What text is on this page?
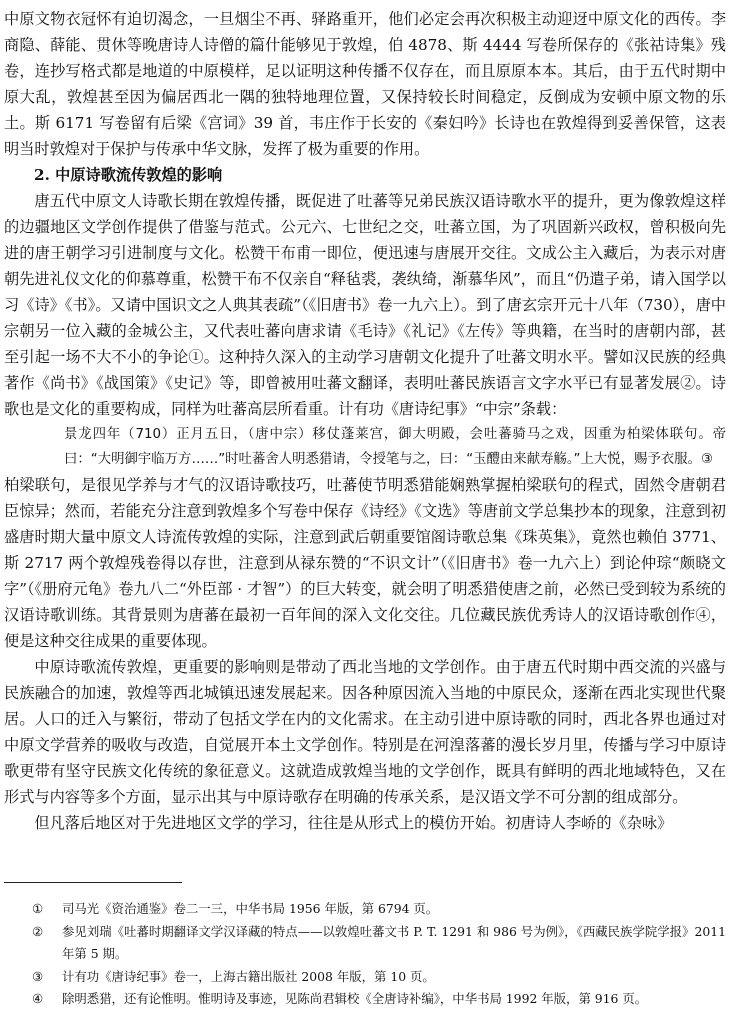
中原文物衣冠怀有迫切渴念，一旦烟尘不再、驿路重开，他们必定会再次积极主动迎迓中原文化的西传。李商隐、薛能、贯休等晚唐诗人诗僧的篇什能够见于敦煌，伯 4878、斯 4444 写卷所保存的《张祜诗集》残卷，连抄写格式都是地道的中原模样，足以证明这种传播不仅存在，而且原原本本。其后，由于五代时期中原大乱，敦煌甚至因为偏居西北一隅的独特地理位置，又保持较长时间稳定，反倒成为安顿中原文物的乐土。斯 6171 写卷留有后梁《宫词》39 首，韦庄作于长安的《秦妇吟》长诗也在敦煌得到妥善保管，这表明当时敦煌对于保护与传承中华文脉，发挥了极为重要的作用。

2. 中原诗歌流传敦煌的影响

唐五代中原文人诗歌长期在敦煌传播，既促进了吐蕃等兄弟民族汉语诗歌水平的提升，更为像敦煌这样的边疆地区文学创作提供了借鉴与范式。公元六、七世纪之交，吐蕃立国，为了巩固新兴政权，曾积极向先进的唐王朝学习引进制度与文化。松赞干布甫一即位，便迅速与唐展开交往。文成公主入藏后，为表示对唐朝先进礼仪文化的仰慕尊重，松赞干布不仅亲自“释毡裘，袭纨绮，渐慕华风”，而且“仍遣子弟，请入国学以习《诗》《书》。又请中国识文之人典其表疏”（《旧唐书》卷一九六上）。到了唐玄宗开元十八年（730），唐中宗朝另一位入藏的金城公主，又代表吐蕃向唐求请《毛诗》《礼记》《左传》等典籍，在当时的唐朝内部，甚至引起一场不大不小的争论①。这种持久深入的主动学习唐朝文化提升了吐蕃文明水平。譬如汉民族的经典著作《尚书》《战国策》《史记》等，即曾被用吐蕃文翻译，表明吐蕃民族语言文字水平已有显著发展②。诗歌也是文化的重要构成，同样为吐蕃高层所看重。计有功《唐诗纪事》“中宗”条载：

景龙四年（710）正月五日，（唐中宗）移仗蓬莱宫，御大明殿，会吐蕃骑马之戏，因重为柏梁体联句。帝曰：“大明御宇临万方……”时吐蕃舍人明悉猎请，令授笔与之，曰：“玉醴由来献寿觞。”上大悦，赐予衣服。③

柏梁联句，是很见学养与才气的汉语诗歌技巧，吐蕃使节明悉猎能娴熟掌握柏梁联句的程式，固然令唐朝君臣惊异；然而，若能充分注意到敦煌多个写卷中保存《诗经》《文选》等唐前文学总集抄本的现象，注意到初盛唐时期大量中原文人诗流传敦煌的实际，注意到武后朝重要馆阁诗歌总集《珠英集》，竟然也赖伯 3771、斯 2717 两个敦煌残卷得以存世，注意到从禄东赞的“不识文计”（《旧唐书》卷一九六上）到论仲琮“颇晓文字”（《册府元龟》卷九八二“外臣部 · 才智”）的巨大转变，就会明了明悉猎使唐之前，必然已受到较为系统的汉语诗歌训练。其背景则为唐蕃在最初一百年间的深入文化交往。几位藏民族优秀诗人的汉语诗歌创作④，便是这种交往成果的重要体现。

中原诗歌流传敦煌，更重要的影响则是带动了西北当地的文学创作。由于唐五代时期中西交流的兴盛与民族融合的加速，敦煌等西北城镇迅速发展起来。因各种原因流入当地的中原民众，逐渐在西北实现世代聚居。人口的迁入与繁衍，带动了包括文学在内的文化需求。在主动引进中原诗歌的同时，西北各界也通过对中原文学营养的吸收与改造，自觉展开本土文学创作。特别是在河湟落蕃的漫长岁月里，传播与学习中原诗歌更带有坚守民族文化传统的象征意义。这就造成敦煌当地的文学创作，既具有鲜明的西北地域特色，又在形式与内容等多个方面，显示出其与中原诗歌存在明确的传承关系，是汉语文学不可分割的组成部分。

但凡落后地区对于先进地区文学的学习，往往是从形式上的模仿开始。初唐诗人李峤的《杂咏》

① 司马光《资治通鉴》卷二一三，中华书局 1956 年版，第 6794 页。

② 参见刘瑞《吐蕃时期翻译文学汉译藏的特点——以敦煌吐蕃文书 P. T. 1291 和 986 号为例》，《西藏民族学院学报》2011 年第 5 期。

③ 计有功《唐诗纪事》卷一，上海古籍出版社 2008 年版，第 10 页。

④ 除明悉猎，还有论惟明。惟明诗及事迹，见陈尚君辑校《全唐诗补编》，中华书局 1992 年版，第 916 页。
